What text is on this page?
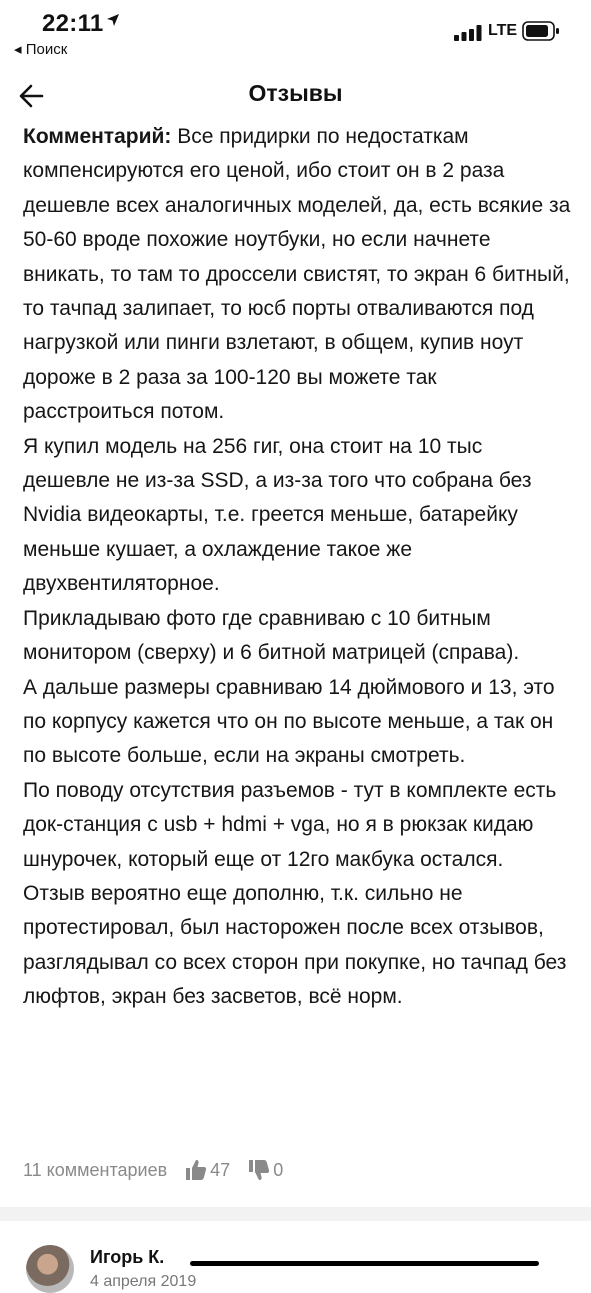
22:11
◂ Поиск
LTE
Отзывы

Комментарий: Все придирки по недостаткам компенсируются его ценой, ибо стоит он в 2 раза дешевле всех аналогичных моделей, да, есть всякие за 50-60 вроде похожие ноутбуки, но если начнете вникать, то там то дроссели свистят, то экран 6 битный, то тачпад залипает, то юсб порты отваливаются под нагрузкой или пинги взлетают, в общем, купив ноут дороже в 2 раза за 100-120 вы можете так расстроиться потом.

Я купил модель на 256 гиг, она стоит на 10 тыс дешевле не из-за SSD, а из-за того что собрана без Nvidia видеокарты, т.е. греется меньше, батарейку меньше кушает, а охлаждение такое же двухвентиляторное.

Прикладываю фото где сравниваю с 10 битным монитором (сверху) и 6 битной матрицей (справа).

А дальше размеры сравниваю 14 дюймового и 13, это по корпусу кажется что он по высоте меньше, а так он по высоте больше, если на экраны смотреть.

По поводу отсутствия разъемов - тут в комплекте есть док-станция с usb + hdmi + vga, но я в рюкзак кидаю шнурочек, который еще от 12го макбука остался.

Отзыв вероятно еще дополню, т.к. сильно не протестировал, был насторожен после всех отзывов, разглядывал со всех сторон при покупке, но тачпад без люфтов, экран без засветов, всё норм.

11 комментариев 47 0
Игорь К.
4 апреля 2019
